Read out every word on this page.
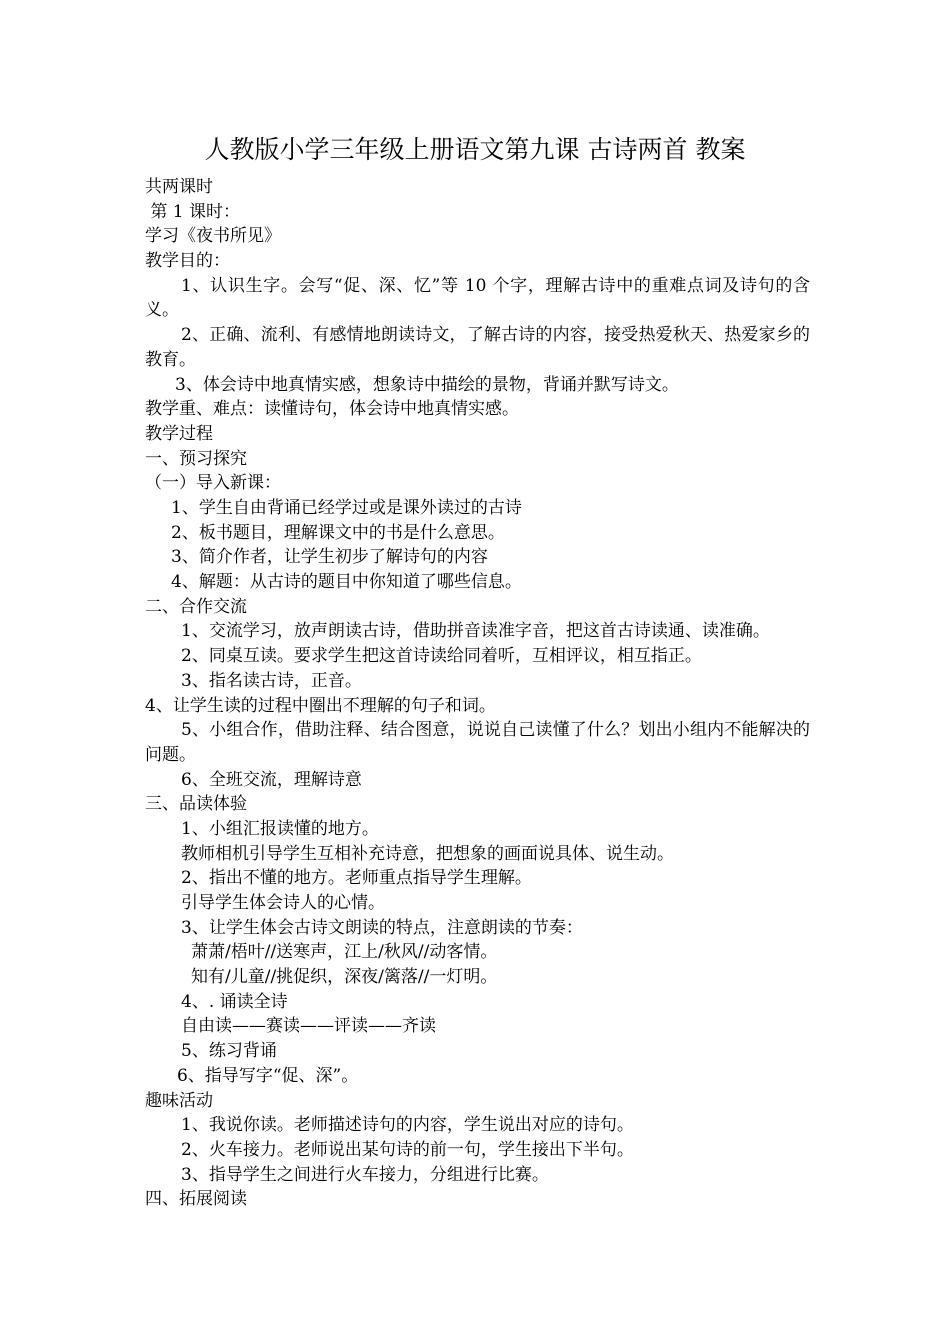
人教版小学三年级上册语文第九课 古诗两首 教案
共两课时
第 1 课时：
学习《夜书所见》
教学目的：
1、认识生字。会写“促、深、忆”等 10 个字，理解古诗中的重难点词及诗句的含义。
2、正确、流利、有感情地朗读诗文，了解古诗的内容，接受热爱秋天、热爱家乡的教育。
3、体会诗中地真情实感，想象诗中描绘的景物，背诵并默写诗文。
教学重、难点：读懂诗句，体会诗中地真情实感。
教学过程
一、预习探究
（一）导入新课：
1、学生自由背诵已经学过或是课外读过的古诗
2、板书题目，理解课文中的书是什么意思。
3、简介作者，让学生初步了解诗句的内容
4、解题：从古诗的题目中你知道了哪些信息。
二、合作交流
1、交流学习，放声朗读古诗，借助拼音读准字音，把这首古诗读通、读准确。
2、同桌互读。要求学生把这首诗读给同着听，互相评议，相互指正。
3、指名读古诗，正音。
4、让学生读的过程中圈出不理解的句子和词。
5、小组合作，借助注释、结合图意，说说自己读懂了什么？划出小组内不能解决的问题。
6、全班交流，理解诗意
三、品读体验
1、小组汇报读懂的地方。
教师相机引导学生互相补充诗意，把想象的画面说具体、说生动。
2、指出不懂的地方。老师重点指导学生理解。
引导学生体会诗人的心情。
3、让学生体会古诗文朗读的特点，注意朗读的节奏：
萧萧/梧叶//送寒声，江上/秋风//动客情。
知有/儿童//挑促织，深夜/篱落//一灯明。
4、. 诵读全诗
自由读——赛读——评读——齐读
5、练习背诵
6、指导写字“促、深”。
趣味活动
1、我说你读。老师描述诗句的内容，学生说出对应的诗句。
2、火车接力。老师说出某句诗的前一句，学生接出下半句。
3、指导学生之间进行火车接力，分组进行比赛。
四、拓展阅读
